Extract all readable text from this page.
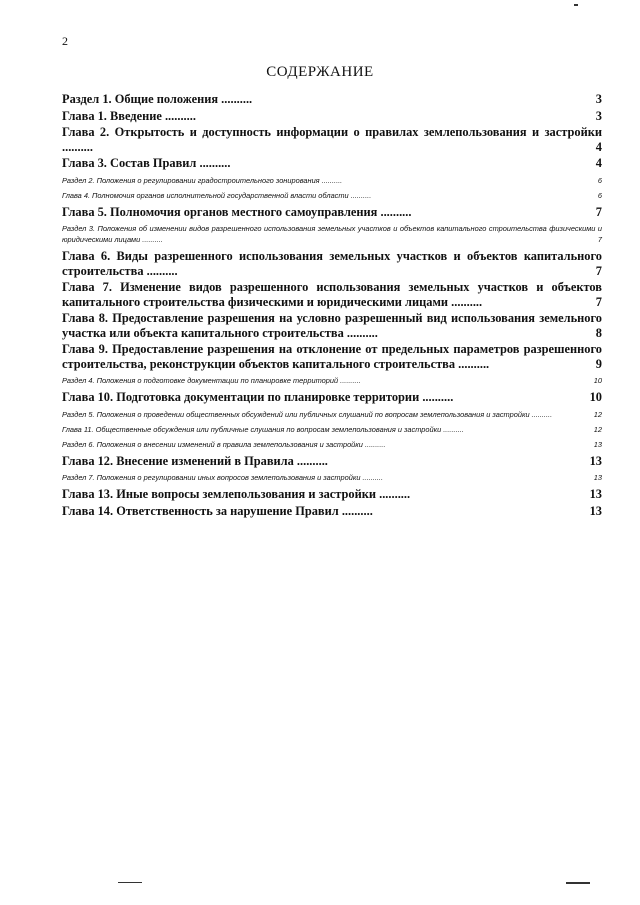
2
СОДЕРЖАНИЕ
Раздел 1. Общие положения ..........	3
Глава 1. Введение ..........	3
Глава 2. Открытость и доступность информации о правилах землепользования и застройки ..........	4
Глава 3. Состав Правил ..........	4
Раздел 2. Положения о регулировании градостроительного зонирования ..........	6
Глава 4. Полномочия органов исполнительной государственной власти области ..........	6
Глава 5. Полномочия органов местного самоуправления ..........	7
Раздел 3. Положения об изменении видов разрешенного использования земельных участков и объектов капитального строительства физическими и юридическими лицами ..........	7
Глава 6. Виды разрешенного использования земельных участков и объектов капитального строительства ..........	7
Глава 7. Изменение видов разрешенного использования земельных участков и объектов капитального строительства физическими и юридическими лицами ..........	7
Глава 8. Предоставление разрешения на условно разрешенный вид использования земельного участка или объекта капитального строительства ..........	8
Глава 9. Предоставление разрешения на отклонение от предельных параметров разрешенного строительства, реконструкции объектов капитального строительства ..........	9
Раздел 4. Положения о подготовке документации по планировке территорий ..........	10
Глава 10. Подготовка документации по планировке территории ..........	10
Раздел 5. Положения о проведении общественных обсуждений или публичных слушаний по вопросам землепользования и застройки ..........	12
Глава 11. Общественные обсуждения или публичные слушания по вопросам землепользования и застройки ..........	12
Раздел 6. Положения о внесении изменений в правила землепользования и застройки ..........	13
Глава 12. Внесение изменений в Правила ..........	13
Раздел 7. Положения о регулировании иных вопросов землепользования и застройки ..........	13
Глава 13. Иные вопросы землепользования и застройки ..........	13
Глава 14. Ответственность за нарушение Правил ..........	13
